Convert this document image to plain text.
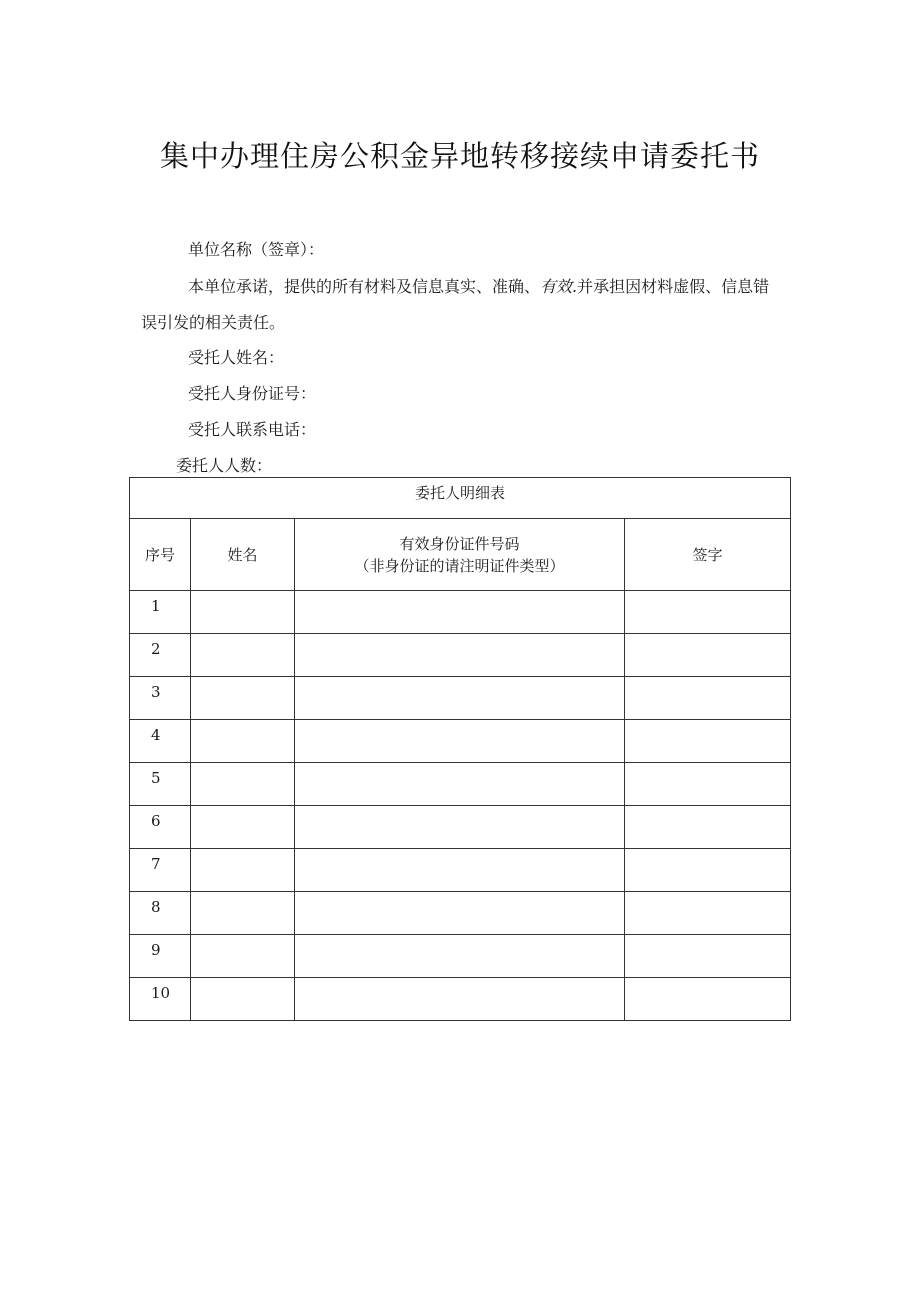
集中办理住房公积金异地转移接续申请委托书
单位名称（签章）：
本单位承诺，提供的所有材料及信息真实、准确、有效.并承担因材料虚假、信息错
误引发的相关责任。
受托人姓名：
受托人身份证号：
受托人联系电话：
委托人人数：
委托人明细表			
序号	姓名	有效身份证件号码
（非身份证的请注明证件类型）	签字
1			
2			
3			
4			
5			
6			
7			
8			
9			
10			
